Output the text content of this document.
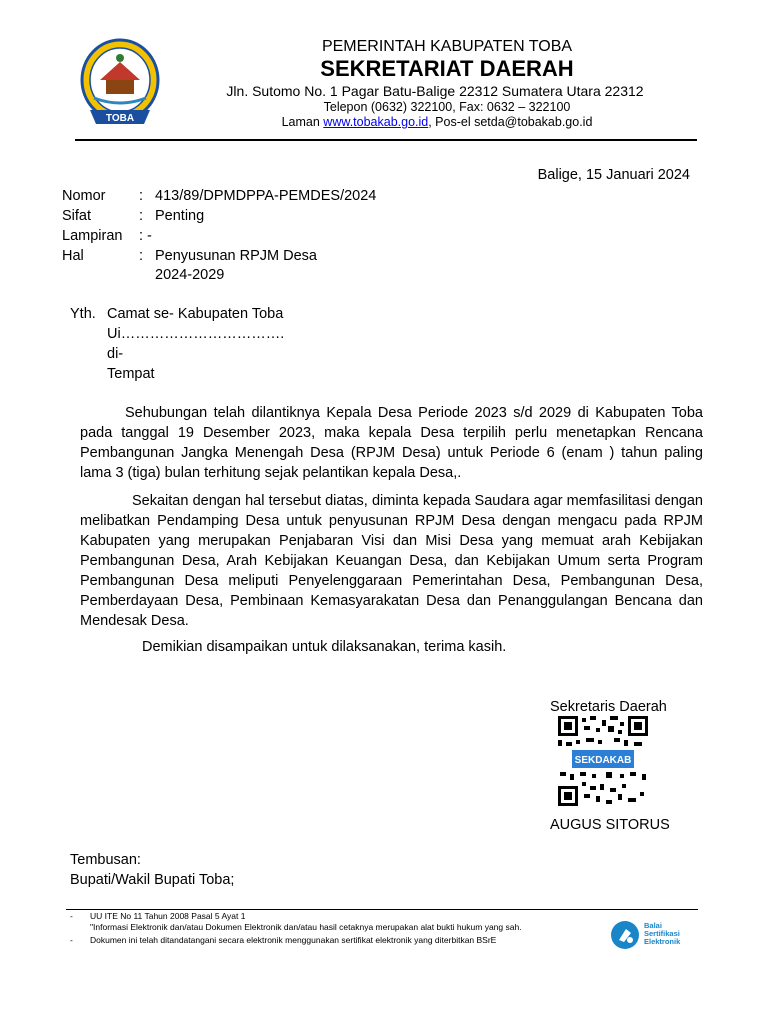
TOBA
PEMERINTAH KABUPATEN TOBA
SEKRETARIAT DAERAH
Jln. Sutomo No. 1 Pagar Batu-Balige 22312 Sumatera Utara 22312
Telepon (0632) 322100, Fax: 0632 – 322100
Laman www.tobakab.go.id, Pos-el setda@tobakab.go.id
Balige, 15 Januari 2024
Nomor : 413/89/DPMDPPA-PEMDES/2024
Sifat	: Penting
Lampiran : -
Hal	: Penyusunan RPJM Desa
2024-2029
Yth. Camat se- Kabupaten Toba
Ui…………………………….
di-
Tempat
Sehubungan telah dilantiknya Kepala Desa Periode 2023 s/d 2029 di Kabupaten Toba pada tanggal 19 Desember 2023, maka kepala Desa terpilih perlu menetapkan Rencana Pembangunan Jangka Menengah Desa (RPJM Desa) untuk Periode 6 (enam ) tahun paling lama 3 (tiga) bulan terhitung sejak pelantikan kepala Desa,.
Sekaitan dengan hal tersebut diatas, diminta kepada Saudara agar memfasilitasi dengan melibatkan Pendamping Desa untuk penyusunan RPJM Desa dengan mengacu pada RPJM Kabupaten yang merupakan Penjabaran Visi dan Misi Desa yang memuat arah Kebijakan Pembangunan Desa, Arah Kebijakan Keuangan Desa, dan Kebijakan Umum serta Program Pembangunan Desa meliputi Penyelenggaraan Pemerintahan Desa, Pembangunan Desa, Pemberdayaan Desa, Pembinaan Kemasyarakatan Desa dan Penanggulangan Bencana dan Mendesak Desa.
Demikian disampaikan untuk dilaksanakan, terima kasih.
Sekretaris Daerah
SEKDAKAB
AUGUS SITORUS
Tembusan:
Bupati/Wakil Bupati Toba;
- UU ITE No 11 Tahun 2008 Pasal 5 Ayat 1
"Informasi Elektronik dan/atau Dokumen Elektronik dan/atau hasil cetaknya merupakan alat bukti hukum yang sah.
- Dokumen ini telah ditandatangani secara elektronik menggunakan sertifikat elektronik yang diterbitkan BSrE
Balai
Sertifikasi
Elektronik
